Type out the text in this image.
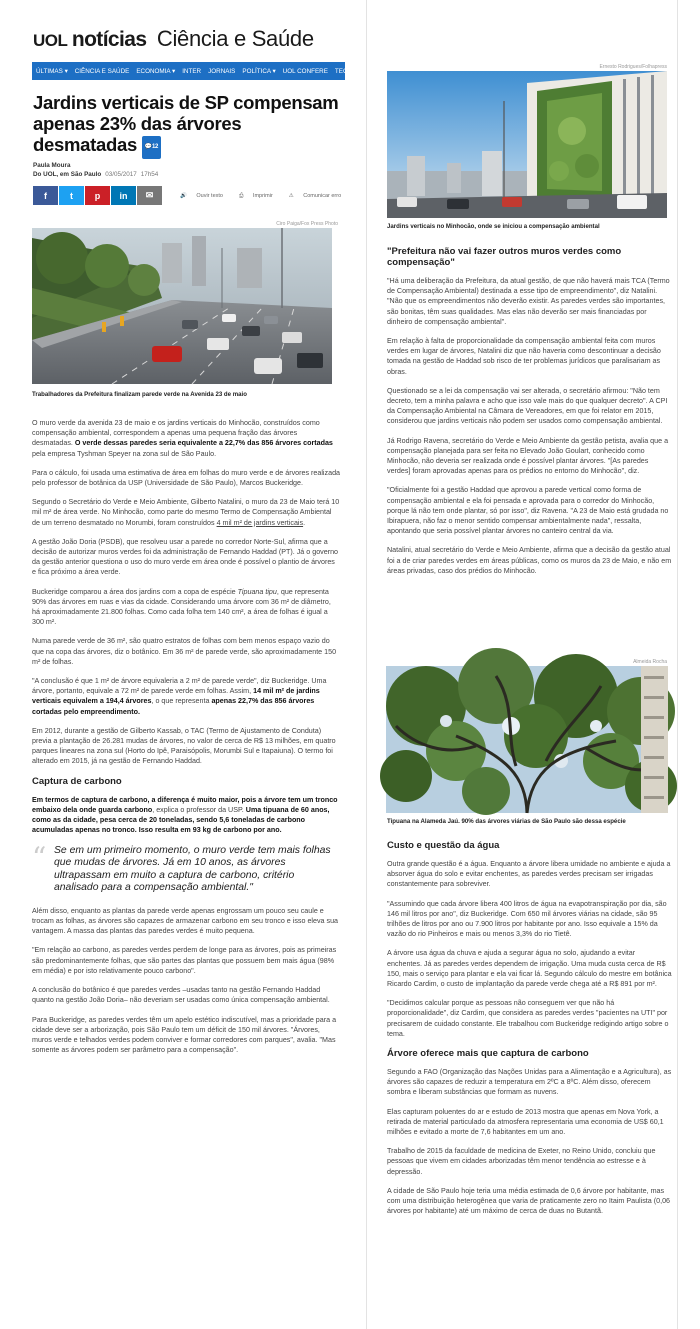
UOL notícias Ciência e Saúde
ÚLTIMAS ▾ CIÊNCIA E SAÚDE ECONOMIA ▾ INTER JORNAIS POLÍTICA ▾ UOL CONFERE TECN
Jardins verticais de SP compensam apenas 23% das árvores desmatadas 💬12
Paula Moura
Do UOL, em São Paulo 03/05/2017 17h54
f	t p in ✉	🔊 Ouvir texto	⎙ Imprimir	⚠ Comunicar erro
Ciro Paiga/Fox Press Photo
Trabalhadores da Prefeitura finalizam parede verde na Avenida 23 de maio

O muro verde da avenida 23 de maio e os jardins verticais do Minhocão, construídos como compensação ambiental, correspondem a apenas uma pequena fração das árvores desmatadas. O verde dessas paredes seria equivalente a 22,7% das 856 árvores cortadas pela empresa Tyshman Speyer na zona sul de São Paulo.

Para o cálculo, foi usada uma estimativa de área em folhas do muro verde e de árvores realizada pelo professor de botânica da USP (Universidade de São Paulo), Marcos Buckeridge.

Segundo o Secretário do Verde e Meio Ambiente, Gilberto Natalini, o muro da 23 de Maio terá 10 mil m² de área verde. No Minhocão, como parte do mesmo Termo de Compensação Ambiental de um terreno desmatado no Morumbi, foram construídos 4 mil m² de jardins verticais.

A gestão João Doria (PSDB), que resolveu usar a parede no corredor Norte-Sul, afirma que a decisão de autorizar muros verdes foi da administração de Fernando Haddad (PT). Já o governo da gestão anterior questiona o uso do muro verde em área onde é possível o plantio de árvores e fica próximo a área verde.

Buckeridge comparou a área dos jardins com a copa de espécie Tipuana tipu, que representa 90% das árvores em ruas e vias da cidade. Considerando uma árvore com 36 m² de diâmetro, há aproximadamente 21.800 folhas. Como cada folha tem 140 cm², a área de folhas é igual a 300 m².

Numa parede verde de 36 m², são quatro estratos de folhas com bem menos espaço vazio do que na copa das árvores, diz o botânico. Em 36 m² de parede verde, são aproximadamente 150 m² de folhas.

"A conclusão é que 1 m² de árvore equivaleria a 2 m² de parede verde", diz Buckeridge. Uma árvore, portanto, equivale a 72 m² de parede verde em folhas. Assim, 14 mil m² de jardins verticais equivalem a 194,4 árvores, o que representa apenas 22,7% das 856 árvores cortadas pelo empreendimento.

Em 2012, durante a gestão de Gilberto Kassab, o TAC (Termo de Ajustamento de Conduta) previa a plantação de 26.281 mudas de árvores, no valor de cerca de R$ 13 milhões, em quatro parques lineares na zona sul (Horto do Ipê, Paraisópolis, Morumbi Sul e Itapaiuna). O termo foi alterado em 2015, já na gestão de Fernando Haddad.

Captura de carbono

Em termos de captura de carbono, a diferença é muito maior, pois a árvore tem um tronco embaixo dela onde guarda carbono, explica o professor da USP. Uma tipuana de 60 anos, como as da cidade, pesa cerca de 20 toneladas, sendo 5,6 toneladas de carbono acumuladas apenas no tronco. Isso resulta em 93 kg de carbono por ano.

“ Se em um primeiro momento, o muro verde tem mais folhas que mudas de árvores. Já em 10 anos, as árvores ultrapassam em muito a captura de carbono, critério analisado para a compensação ambiental."

Além disso, enquanto as plantas da parede verde apenas engrossam um pouco seu caule e trocam as folhas, as árvores são capazes de armazenar carbono em seu tronco e isso eleva sua vantagem. A massa das plantas das paredes verdes é muito pequena.

"Em relação ao carbono, as paredes verdes perdem de longe para as árvores, pois as primeiras são predominantemente folhas, que são partes das plantas que possuem bem mais água (98% em média) e por isto relativamente pouco carbono".

A conclusão do botânico é que paredes verdes –usadas tanto na gestão Fernando Haddad quanto na gestão João Doria– não deveriam ser usadas como única compensação ambiental.

Para Buckeridge, as paredes verdes têm um apelo estético indiscutível, mas a prioridade para a cidade deve ser a arborização, pois São Paulo tem um déficit de 150 mil árvores. "Árvores, muros verde e telhados verdes podem conviver e formar corredores com parques", avalia. "Mas somente as árvores podem ser parâmetro para a compensação".

Ernesto Rodrigues/Folhapress
Jardins verticais no Minhocão, onde se iniciou a compensação ambiental
"Prefeitura não vai fazer outros muros verdes como compensação"

"Há uma deliberação da Prefeitura, da atual gestão, de que não haverá mais TCA (Termo de Compensação Ambiental) destinada a esse tipo de empreendimento", diz Natalini. "Não que os empreendimentos não deverão existir. As paredes verdes são importantes, são bonitas, têm suas qualidades. Mas elas não deverão ser mais financiadas por dinheiro de compensação ambiental".

Em relação à falta de proporcionalidade da compensação ambiental feita com muros verdes em lugar de árvores, Natalini diz que não haveria como descontinuar a decisão tomada na gestão de Haddad sob risco de ter problemas jurídicos que paralisariam as obras.

Questionado se a lei da compensação vai ser alterada, o secretário afirmou: "Não tem decreto, tem a minha palavra e acho que isso vale mais do que qualquer decreto". A CPI da Compensação Ambiental na Câmara de Vereadores, em que foi relator em 2015, considerou que jardins verticais não podem ser usados como compensação ambiental.

Já Rodrigo Ravena, secretário do Verde e Meio Ambiente da gestão petista, avalia que a compensação planejada para ser feita no Elevado João Goulart, conhecido como Minhocão, não deveria ser realizada onde é possível plantar árvores. "[As paredes verdes] foram aprovadas apenas para os prédios no entorno do Minhocão", diz.

"Oficialmente foi a gestão Haddad que aprovou a parede vertical como forma de compensação ambiental e ela foi pensada e aprovada para o corredor do Minhocão, porque lá não tem onde plantar, só por isso", diz Ravena. "A 23 de Maio está grudada no Ibirapuera, não faz o menor sentido compensar ambientalmente nada", ressalta, apontando que seria possível plantar árvores no canteiro central da via.

Natalini, atual secretário do Verde e Meio Ambiente, afirma que a decisão da gestão atual foi a de criar paredes verdes em áreas públicas, como os muros da 23 de Maio, e não em áreas privadas, caso dos prédios do Minhocão.

Almeida Rocha
Tipuana na Alameda Jaú. 90% das árvores viárias de São Paulo são dessa espécie
Custo e questão da água

Outra grande questão é a água. Enquanto a árvore libera umidade no ambiente e ajuda a absorver água do solo e evitar enchentes, as paredes verdes precisam ser irrigadas constantemente para sobreviver.

"Assumindo que cada árvore libera 400 litros de água na evapotranspiração por dia, são 146 mil litros por ano", diz Buckeridge. Com 650 mil árvores viárias na cidade, são 95 trilhões de litros por ano ou 7.900 litros por habitante por ano. Isso equivale a 15% da vazão do rio Pinheiros e mais ou menos 3,3% do rio Tietê.

A árvore usa água da chuva e ajuda a segurar água no solo, ajudando a evitar enchentes. Já as paredes verdes dependem de irrigação. Uma muda custa cerca de R$ 150, mais o serviço para plantar e ela vai ficar lá. Segundo cálculo do mestre em botânica Ricardo Cardim, o custo de implantação da parede verde chega até a R$ 891 por m².

"Decidimos calcular porque as pessoas não conseguem ver que não há proporcionalidade", diz Cardim, que considera as paredes verdes "pacientes na UTI" por precisarem de cuidado constante. Ele trabalhou com Buckeridge redigindo artigo sobre o tema.

Árvore oferece mais que captura de carbono

Segundo a FAO (Organização das Nações Unidas para a Alimentação e a Agricultura), as árvores são capazes de reduzir a temperatura em 2ºC a 8ºC. Além disso, oferecem sombra e liberam substâncias que formam as nuvens.

Elas capturam poluentes do ar e estudo de 2013 mostra que apenas em Nova York, a retirada de material particulado da atmosfera representaria uma economia de US$ 60,1 milhões e evitado a morte de 7,6 habitantes em um ano.

Trabalho de 2015 da faculdade de medicina de Exeter, no Reino Unido, concluiu que pessoas que vivem em cidades arborizadas têm menor tendência ao estresse e à depressão.

A cidade de São Paulo hoje teria uma média estimada de 0,6 árvore por habitante, mas com uma distribuição heterogênea que varia de praticamente zero no Itaim Paulista (0,06 árvores por habitante) até um máximo de cerca de duas no Butantã.
